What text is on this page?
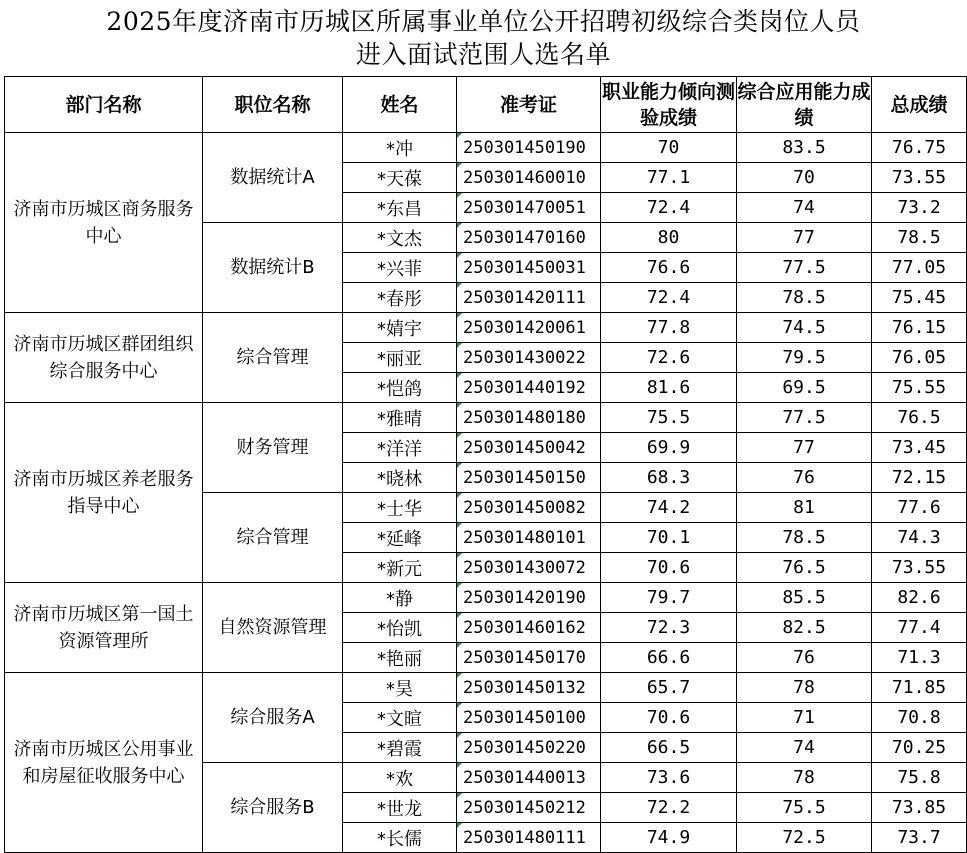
2025年度济南市历城区所属事业单位公开招聘初级综合类岗位人员
进入面试范围人选名单
部门名称	职位名称	姓名	准考证	职业能力倾向测验成绩	综合应用能力成绩	总成绩
济南市历城区商务服务中心	数据统计A	*冲	250301450190	70	83.5	76.75
		*天葆	250301460010	77.1	70	73.55
		*东昌	250301470051	72.4	74	73.2
	数据统计B	*文杰	250301470160	80	77	78.5
		*兴菲	250301450031	76.6	77.5	77.05
		*春彤	250301420111	72.4	78.5	75.45
济南市历城区群团组织综合服务中心	综合管理	*婧宇	250301420061	77.8	74.5	76.15
		*丽亚	250301430022	72.6	79.5	76.05
		*恺鸽	250301440192	81.6	69.5	75.55
济南市历城区养老服务指导中心	财务管理	*雅晴	250301480180	75.5	77.5	76.5
		*洋洋	250301450042	69.9	77	73.45
		*晓林	250301450150	68.3	76	72.15
	综合管理	*士华	250301450082	74.2	81	77.6
		*延峰	250301480101	70.1	78.5	74.3
		*新元	250301430072	70.6	76.5	73.55
济南市历城区第一国土资源管理所	自然资源管理	*静	250301420190	79.7	85.5	82.6
		*怡凯	250301460162	72.3	82.5	77.4
		*艳丽	250301450170	66.6	76	71.3
济南市历城区公用事业和房屋征收服务中心	综合服务A	*昊	250301450132	65.7	78	71.85
		*文暄	250301450100	70.6	71	70.8
		*碧霞	250301450220	66.5	74	70.25
	综合服务B	*欢	250301440013	73.6	78	75.8
		*世龙	250301450212	72.2	75.5	73.85
		*长儒	250301480111	74.9	72.5	73.7
